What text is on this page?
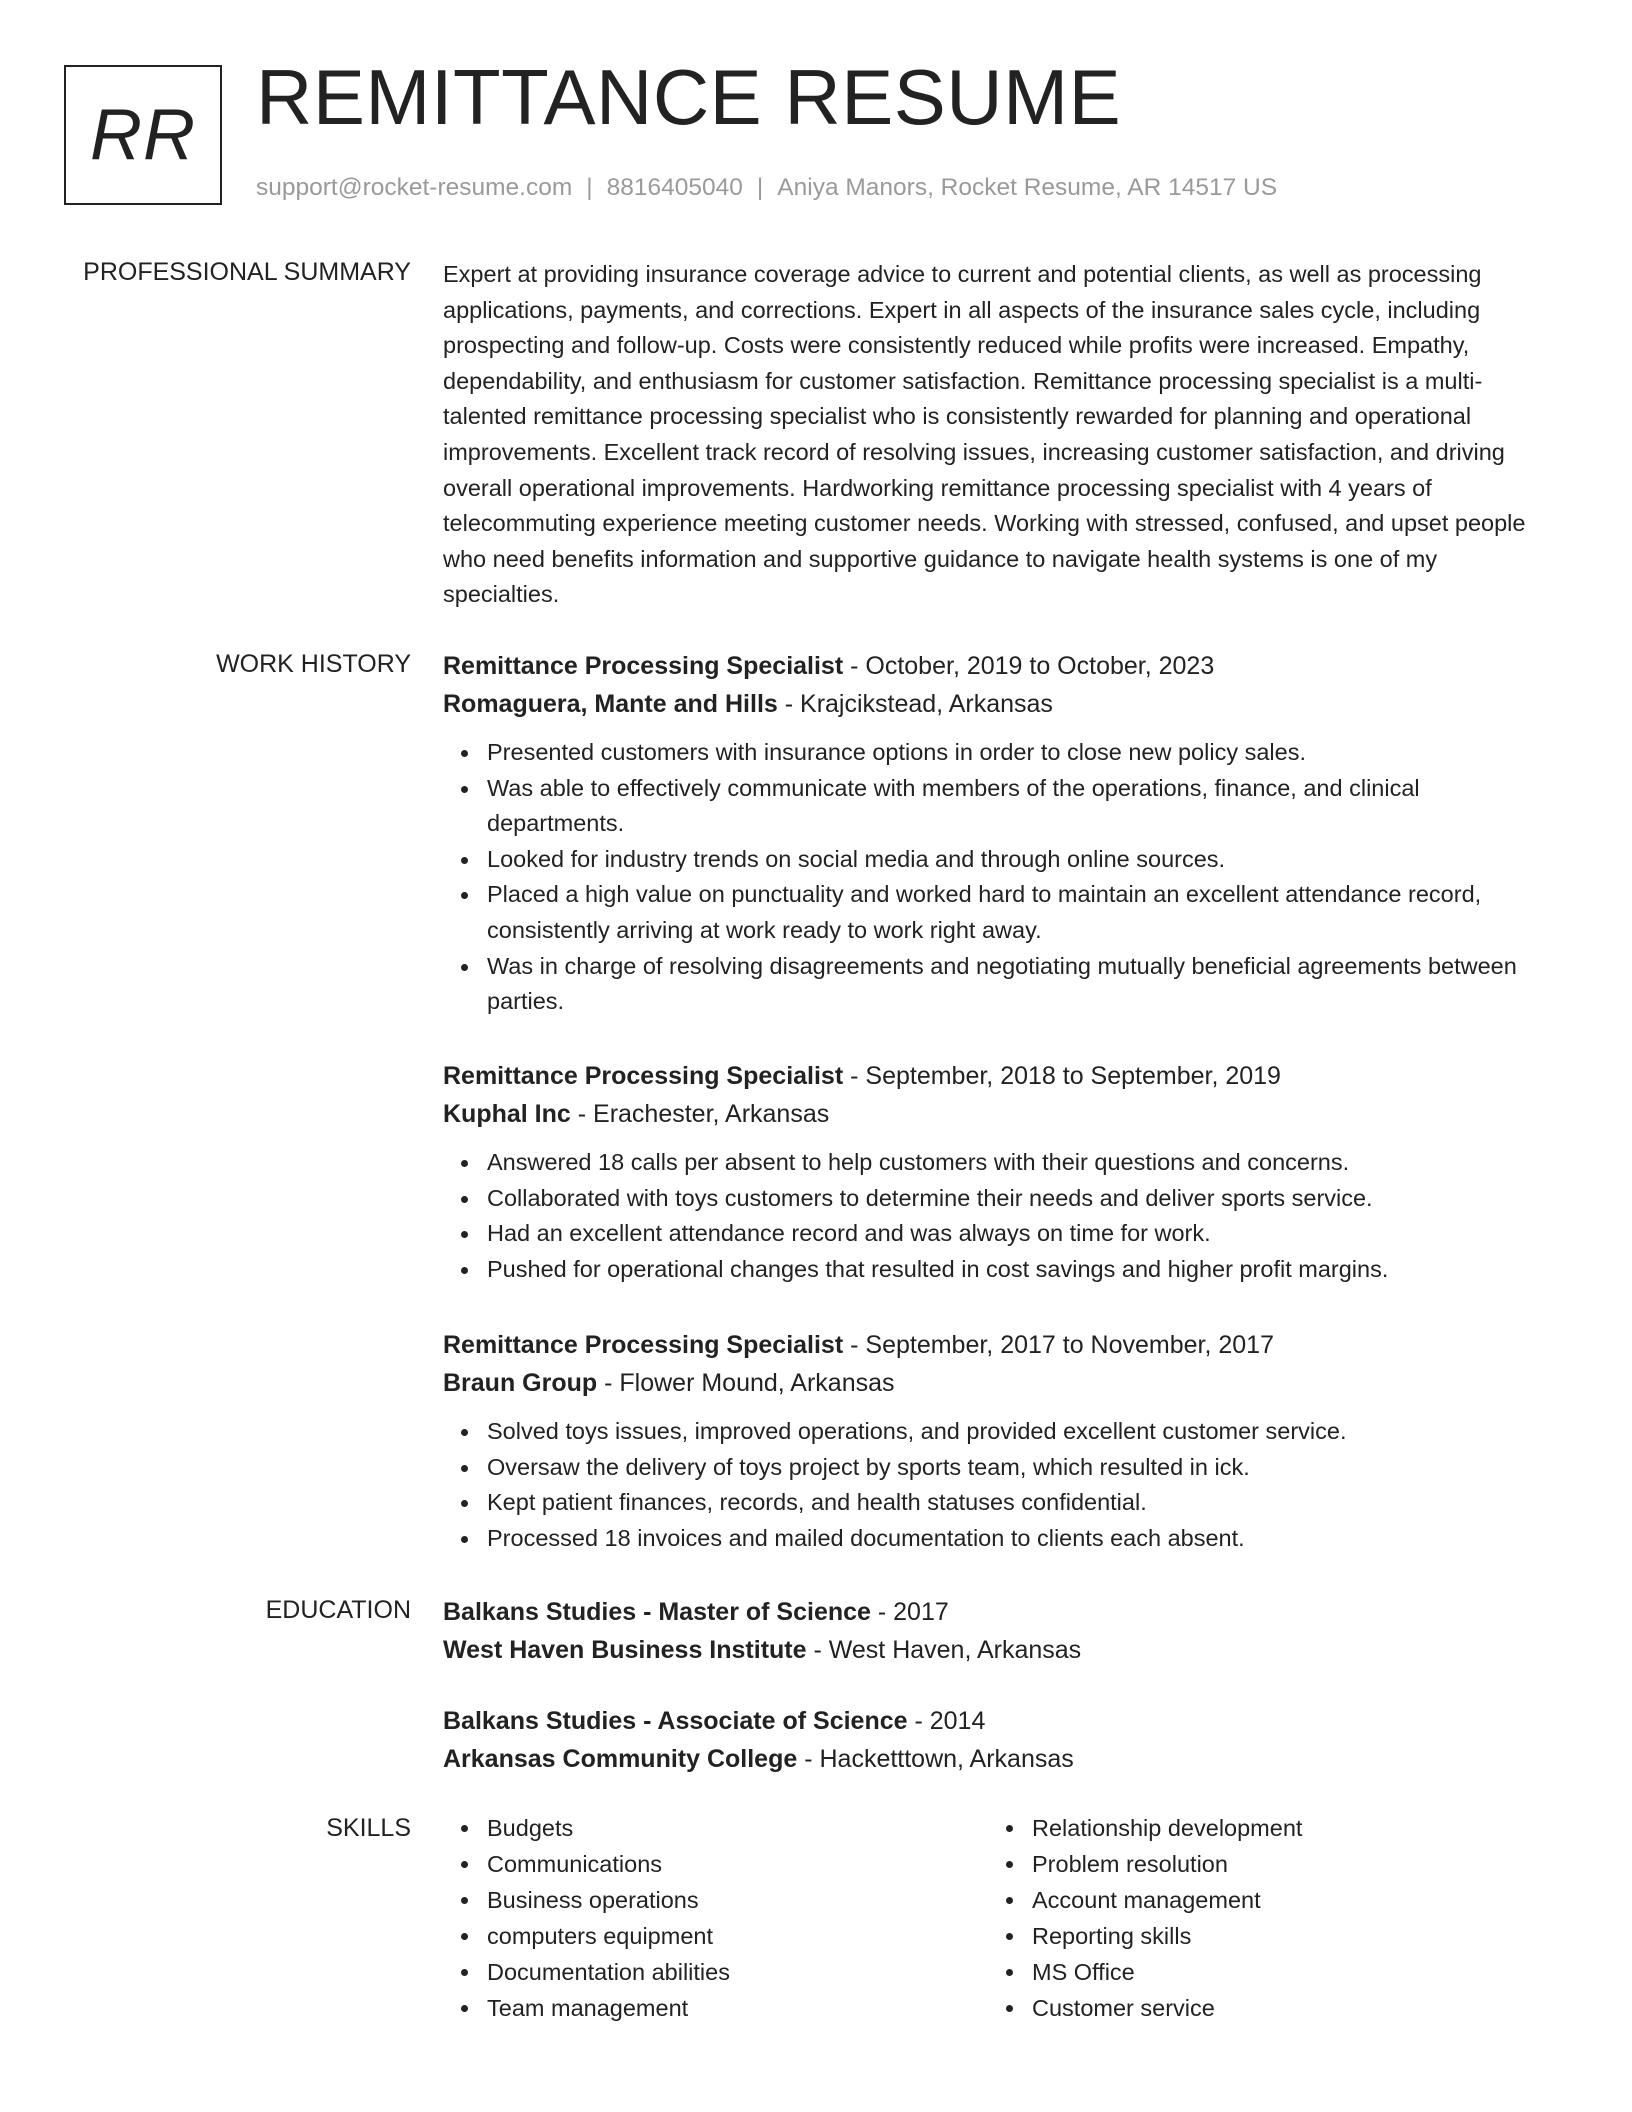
RR REMITTANCE RESUME
support@rocket-resume.com | 8816405040 | Aniya Manors, Rocket Resume, AR 14517 US
PROFESSIONAL SUMMARY Expert at providing insurance coverage advice to current and potential clients, as well as processing applications, payments, and corrections. Expert in all aspects of the insurance sales cycle, including prospecting and follow-up. Costs were consistently reduced while profits were increased. Empathy, dependability, and enthusiasm for customer satisfaction. Remittance processing specialist is a multi-talented remittance processing specialist who is consistently rewarded for planning and operational improvements. Excellent track record of resolving issues, increasing customer satisfaction, and driving overall operational improvements. Hardworking remittance processing specialist with 4 years of telecommuting experience meeting customer needs. Working with stressed, confused, and upset people who need benefits information and supportive guidance to navigate health systems is one of my specialties.

WORK HISTORY Remittance Processing Specialist - October, 2019 to October, 2023
Romaguera, Mante and Hills - Krajcikstead, Arkansas
Presented customers with insurance options in order to close new policy sales.
Was able to effectively communicate with members of the operations, finance, and clinical departments.
Looked for industry trends on social media and through online sources.
Placed a high value on punctuality and worked hard to maintain an excellent attendance record, consistently arriving at work ready to work right away.
Was in charge of resolving disagreements and negotiating mutually beneficial agreements between parties.
Remittance Processing Specialist - September, 2018 to September, 2019
Kuphal Inc - Erachester, Arkansas
Answered 18 calls per absent to help customers with their questions and concerns.
Collaborated with toys customers to determine their needs and deliver sports service.
Had an excellent attendance record and was always on time for work.
Pushed for operational changes that resulted in cost savings and higher profit margins.
Remittance Processing Specialist - September, 2017 to November, 2017
Braun Group - Flower Mound, Arkansas
Solved toys issues, improved operations, and provided excellent customer service.
Oversaw the delivery of toys project by sports team, which resulted in ick.
Kept patient finances, records, and health statuses confidential.
Processed 18 invoices and mailed documentation to clients each absent.
EDUCATION Balkans Studies - Master of Science - 2017
West Haven Business Institute - West Haven, Arkansas
Balkans Studies - Associate of Science - 2014
Arkansas Community College - Hacketttown, Arkansas
SKILLS	Budgets
Communications
Business operations
computers equipment
Documentation abilities
Team management
Relationship development
Problem resolution
Account management
Reporting skills
MS Office
Customer service
